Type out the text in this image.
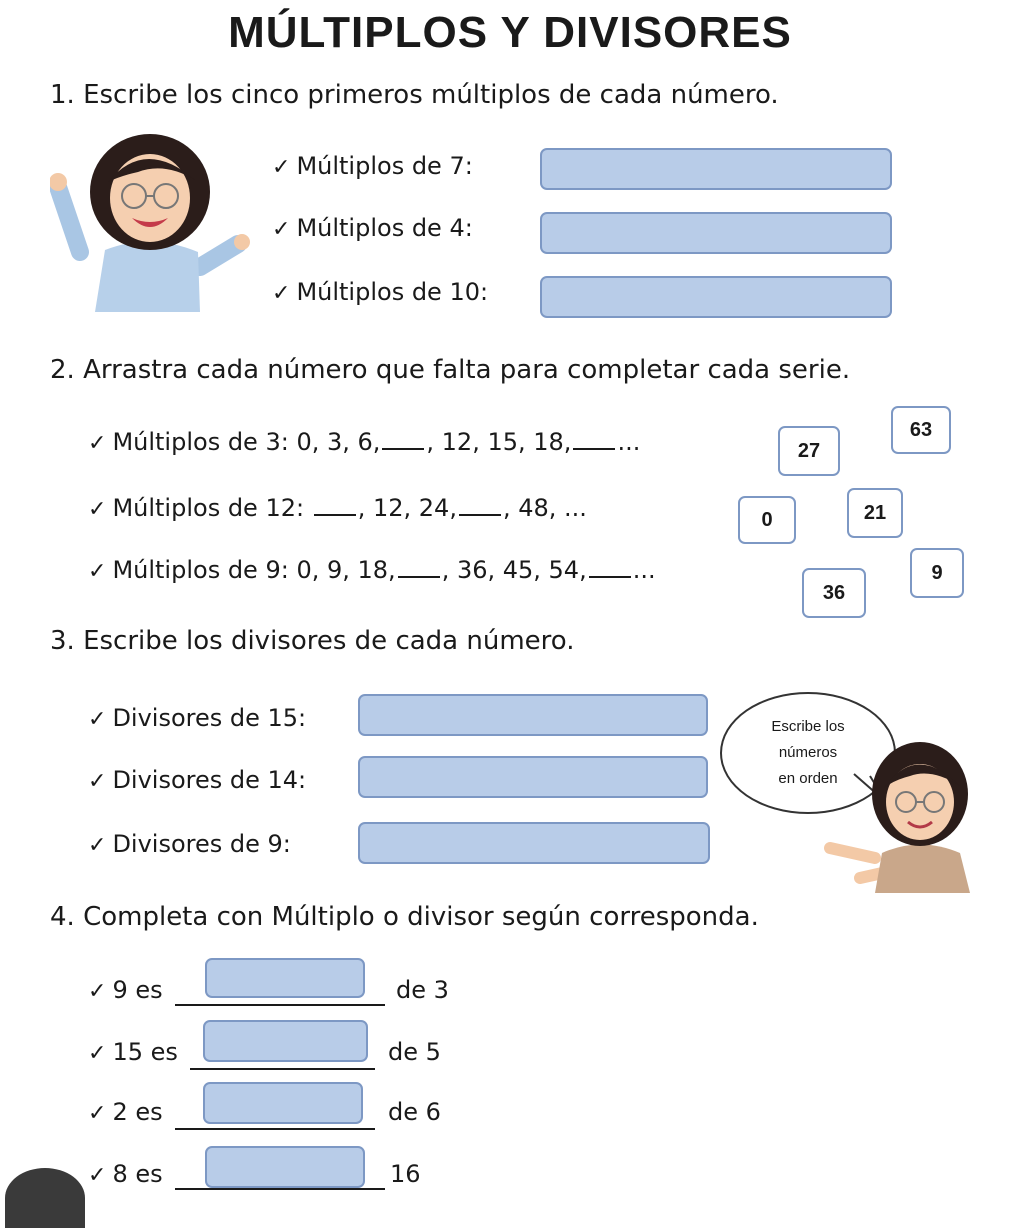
MÚLTIPLOS Y DIVISORES
1. Escribe los cinco primeros múltiplos de cada número.
✓ Múltiplos de 7:
✓ Múltiplos de 4:
✓ Múltiplos de 10:
2. Arrastra cada número que falta para completar cada serie.
✓ Múltiplos de 3: 0, 3, 6, , 12, 15, 18, ...
✓ Múltiplos de 12: , 12, 24, , 48, ...
✓ Múltiplos de 9: 0, 9, 18, , 36, 45, 54, ...
63
27
21
0
9
36
3. Escribe los divisores de cada número.
✓ Divisores de 15:
✓ Divisores de 14:
✓ Divisores de 9:
Escribe los
números
en orden
4. Completa con Múltiplo o divisor según corresponda.
✓ 9 es	de 3
✓ 15 es	de 5
✓ 2 es	de 6
✓ 8 es	16
